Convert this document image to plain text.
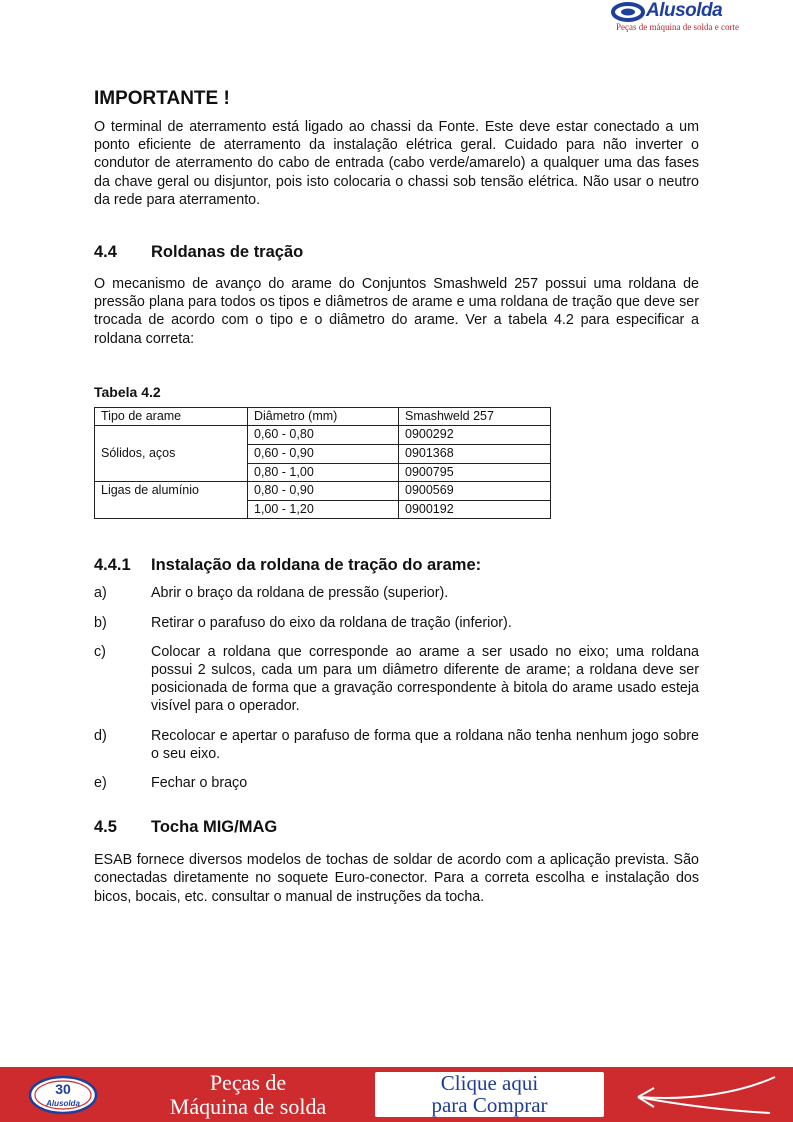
Alusolda
Peças de máquina de solda e corte
IMPORTANTE !

O terminal de aterramento está ligado ao chassi da Fonte. Este deve estar conectado a um ponto eficiente de aterramento da instalação elétrica geral. Cuidado para não inverter o condutor de aterramento do cabo de entrada (cabo verde/amarelo) a qualquer uma das fases da chave geral ou disjuntor, pois isto colocaria o chassi sob tensão elétrica. Não usar o neutro da rede para aterramento.

4.4	Roldanas de tração

O mecanismo de avanço do arame do Conjuntos Smashweld 257 possui uma roldana de pressão plana para todos os tipos e diâmetros de arame e uma roldana de tração que deve ser trocada de acordo com o tipo e o diâmetro do arame. Ver a tabela 4.2 para especificar a roldana correta:

Tabela 4.2
Tipo de arame	Diâmetro (mm)	Smashweld 257
Sólidos, aços	0,60 - 0,80	0900292
	0,60 - 0,90	0901368
	0,80 - 1,00	0900795
Ligas de alumínio	0,80 - 0,90	0900569
	1,00 - 1,20	0900192
4.4.1	Instalação da roldana de tração do arame:
a)	Abrir o braço da roldana de pressão (superior).
b)	Retirar o parafuso do eixo da roldana de tração (inferior).
c)	Colocar a roldana que corresponde ao arame a ser usado no eixo; uma roldana possui 2 sulcos, cada um para um diâmetro diferente de arame; a roldana deve ser posicionada de forma que a gravação correspondente à bitola do arame usado esteja visível para o operador.
d)	Recolocar e apertar o parafuso de forma que a roldana não tenha nenhum jogo sobre o seu eixo.
e)	Fechar o braço
4.5	Tocha MIG/MAG

ESAB fornece diversos modelos de tochas de soldar de acordo com a aplicação prevista. São conectadas diretamente no soquete Euro-conector. Para a correta escolha e instalação dos bicos, bocais, etc. consultar o manual de instruções da tocha.

30
Alusolda
Peças de
Máquina de solda
Clique aqui
para Comprar
